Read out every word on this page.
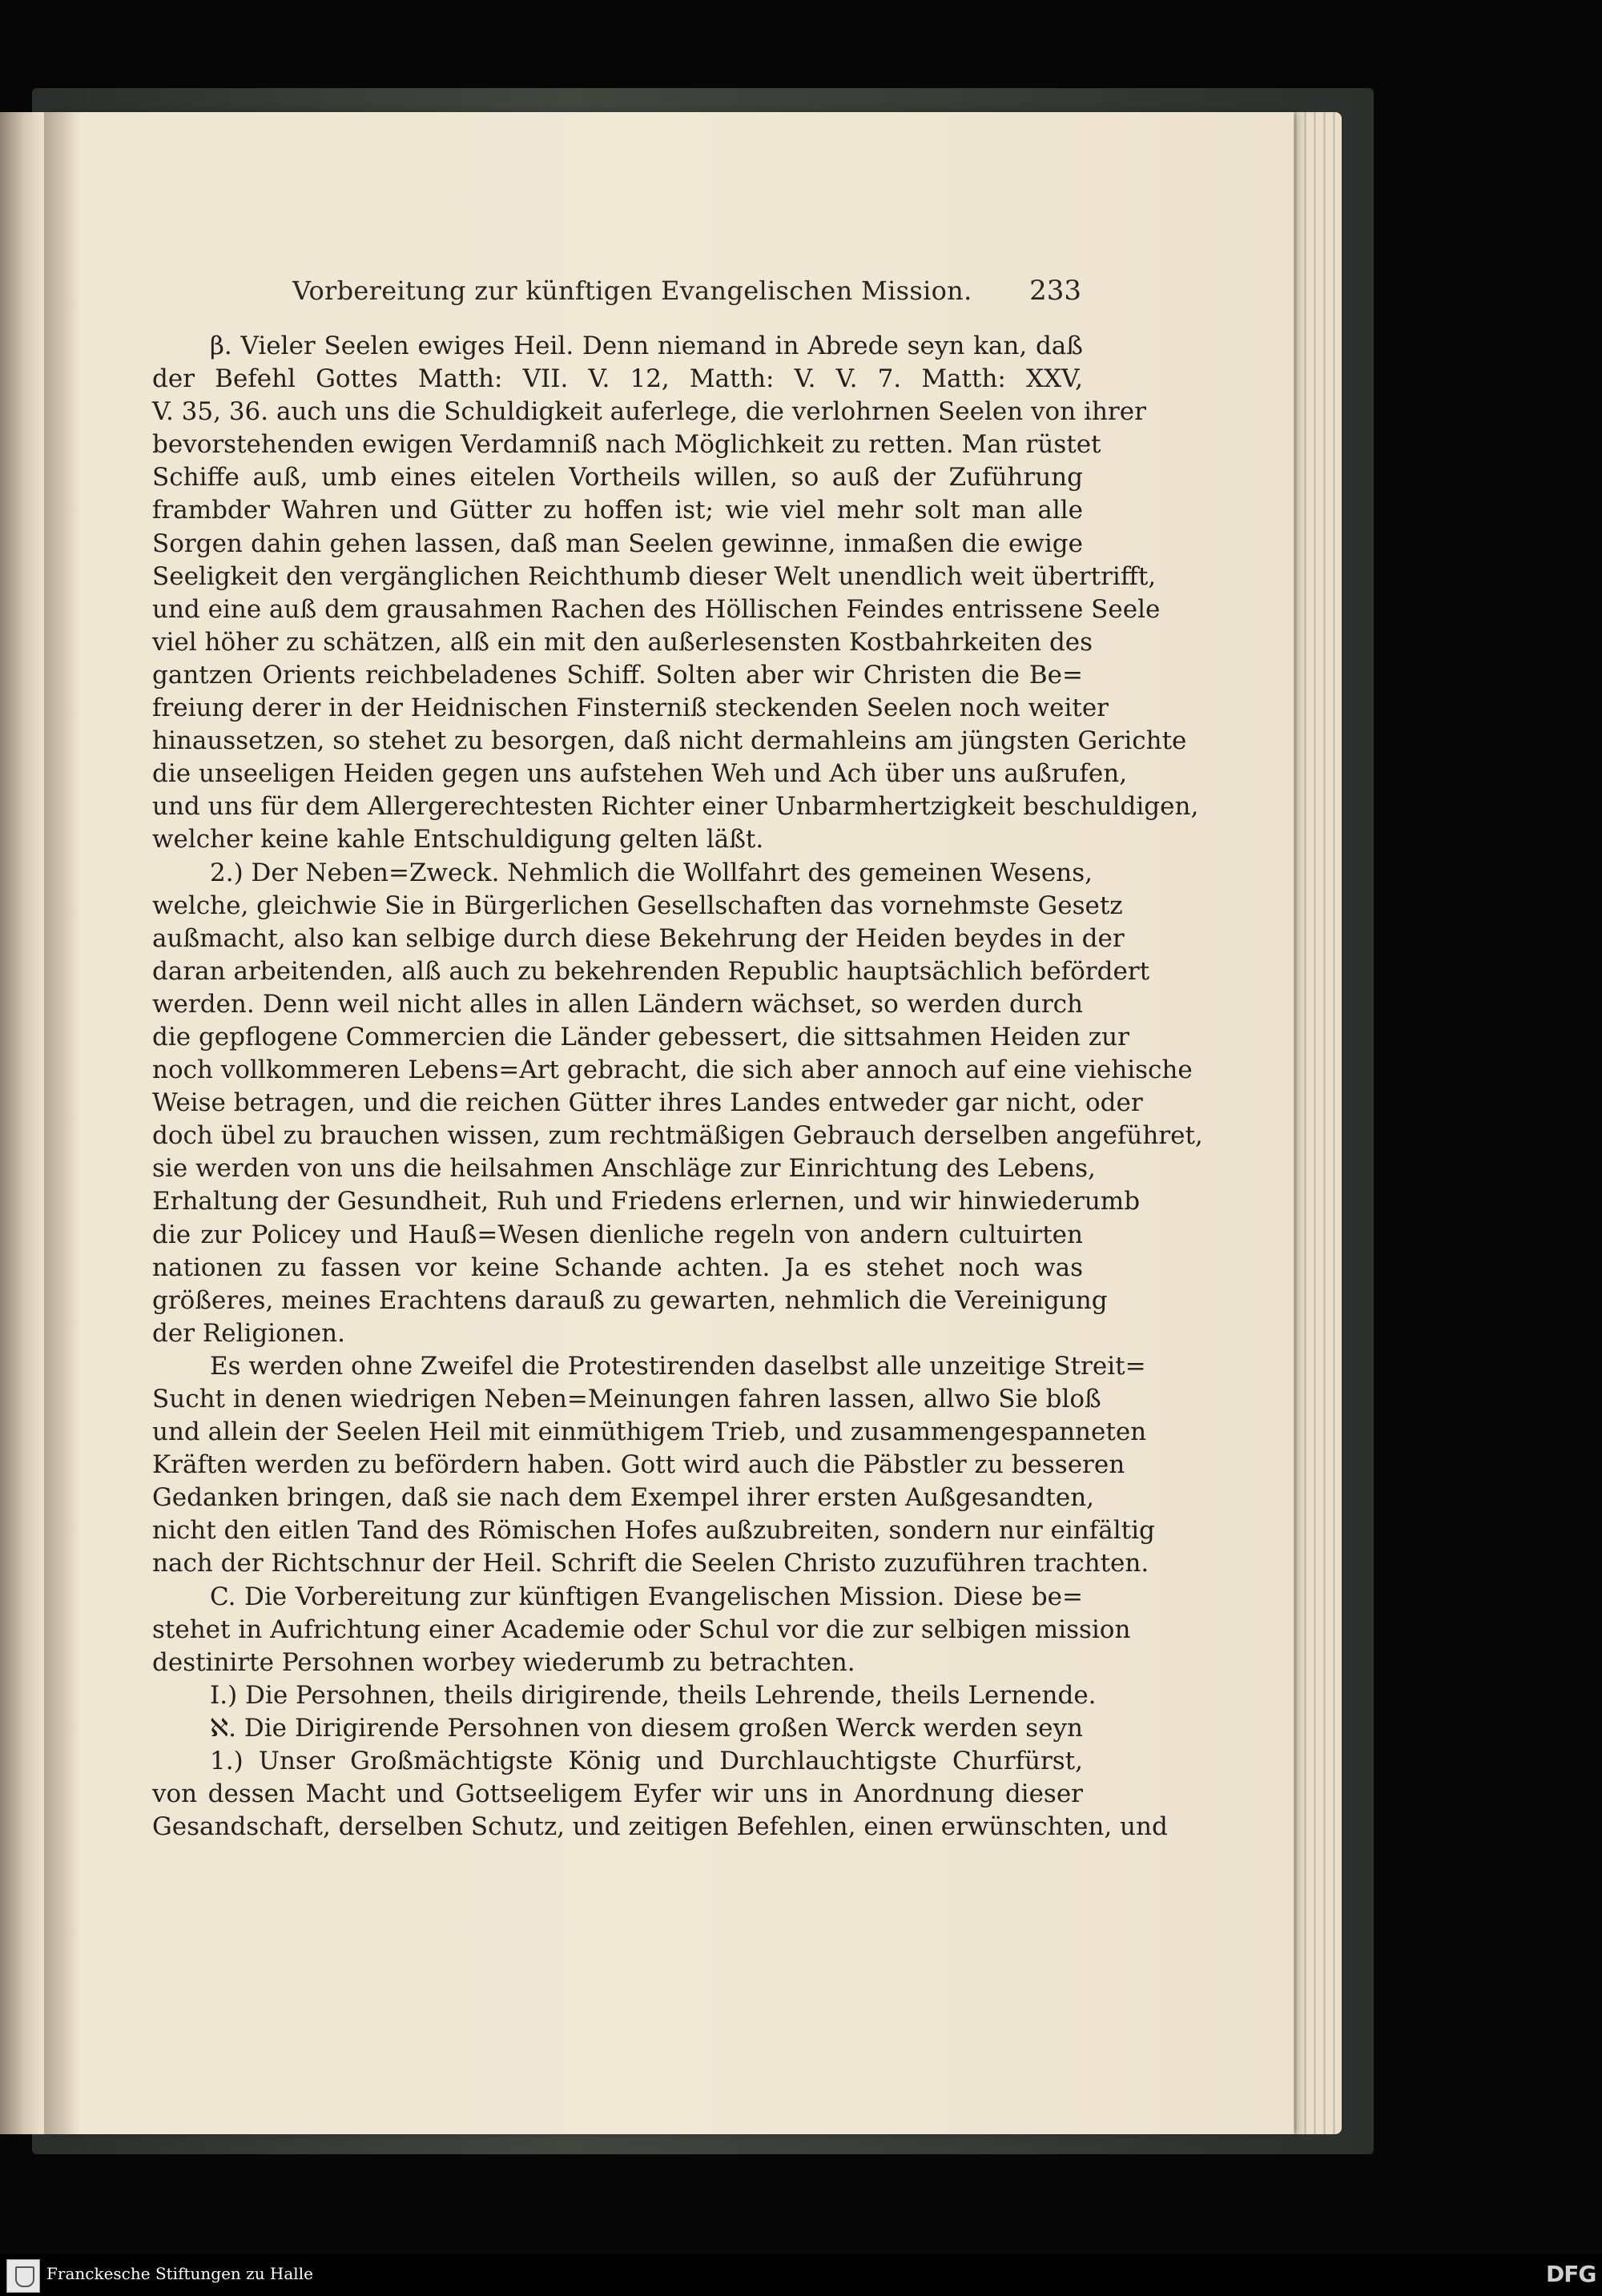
Vorbereitung zur künftigen Evangelischen Mission.	233
β. Vieler Seelen ewiges Heil. Denn niemand in Abrede seyn kan, daß
der Befehl Gottes Matth: VII. V. 12, Matth: V. V. 7. Matth: XXV,
V. 35, 36. auch uns die Schuldigkeit auferlege, die verlohrnen Seelen von ihrer
bevorstehenden ewigen Verdamniß nach Möglichkeit zu retten. Man rüstet
Schiffe auß, umb eines eitelen Vortheils willen, so auß der Zuführung
frambder Wahren und Gütter zu hoffen ist; wie viel mehr solt man alle
Sorgen dahin gehen lassen, daß man Seelen gewinne, inmaßen die ewige
Seeligkeit den vergänglichen Reichthumb dieser Welt unendlich weit übertrifft,
und eine auß dem grausahmen Rachen des Höllischen Feindes entrissene Seele
viel höher zu schätzen, alß ein mit den außerlesensten Kostbahrkeiten des
gantzen Orients reichbeladenes Schiff. Solten aber wir Christen die Be=
freiung derer in der Heidnischen Finsterniß steckenden Seelen noch weiter
hinaussetzen, so stehet zu besorgen, daß nicht dermahleins am jüngsten Gerichte
die unseeligen Heiden gegen uns aufstehen Weh und Ach über uns außrufen,
und uns für dem Allergerechtesten Richter einer Unbarmhertzigkeit beschuldigen,
welcher keine kahle Entschuldigung gelten läßt.
2.) Der Neben=Zweck. Nehmlich die Wollfahrt des gemeinen Wesens,
welche, gleichwie Sie in Bürgerlichen Gesellschaften das vornehmste Gesetz
außmacht, also kan selbige durch diese Bekehrung der Heiden beydes in der
daran arbeitenden, alß auch zu bekehrenden Republic hauptsächlich befördert
werden. Denn weil nicht alles in allen Ländern wächset, so werden durch
die gepflogene Commercien die Länder gebessert, die sittsahmen Heiden zur
noch vollkommeren Lebens=Art gebracht, die sich aber annoch auf eine viehische
Weise betragen, und die reichen Gütter ihres Landes entweder gar nicht, oder
doch übel zu brauchen wissen, zum rechtmäßigen Gebrauch derselben angeführet,
sie werden von uns die heilsahmen Anschläge zur Einrichtung des Lebens,
Erhaltung der Gesundheit, Ruh und Friedens erlernen, und wir hinwiederumb
die zur Policey und Hauß=Wesen dienliche regeln von andern cultuirten
nationen zu fassen vor keine Schande achten. Ja es stehet noch was
größeres, meines Erachtens darauß zu gewarten, nehmlich die Vereinigung
der Religionen.
Es werden ohne Zweifel die Protestirenden daselbst alle unzeitige Streit=
Sucht in denen wiedrigen Neben=Meinungen fahren lassen, allwo Sie bloß
und allein der Seelen Heil mit einmüthigem Trieb, und zusammengespanneten
Kräften werden zu befördern haben. Gott wird auch die Päbstler zu besseren
Gedanken bringen, daß sie nach dem Exempel ihrer ersten Außgesandten,
nicht den eitlen Tand des Römischen Hofes außzubreiten, sondern nur einfältig
nach der Richtschnur der Heil. Schrift die Seelen Christo zuzuführen trachten.
C. Die Vorbereitung zur künftigen Evangelischen Mission. Diese be=
stehet in Aufrichtung einer Academie oder Schul vor die zur selbigen mission
destinirte Persohnen worbey wiederumb zu betrachten.
I.) Die Persohnen, theils dirigirende, theils Lehrende, theils Lernende.
ℵ. Die Dirigirende Persohnen von diesem großen Werck werden seyn
1.) Unser Großmächtigste König und Durchlauchtigste Churfürst,
von dessen Macht und Gottseeligem Eyfer wir uns in Anordnung dieser
Gesandschaft, derselben Schutz, und zeitigen Befehlen, einen erwünschten, und
Franckesche Stiftungen zu Halle	DFG
